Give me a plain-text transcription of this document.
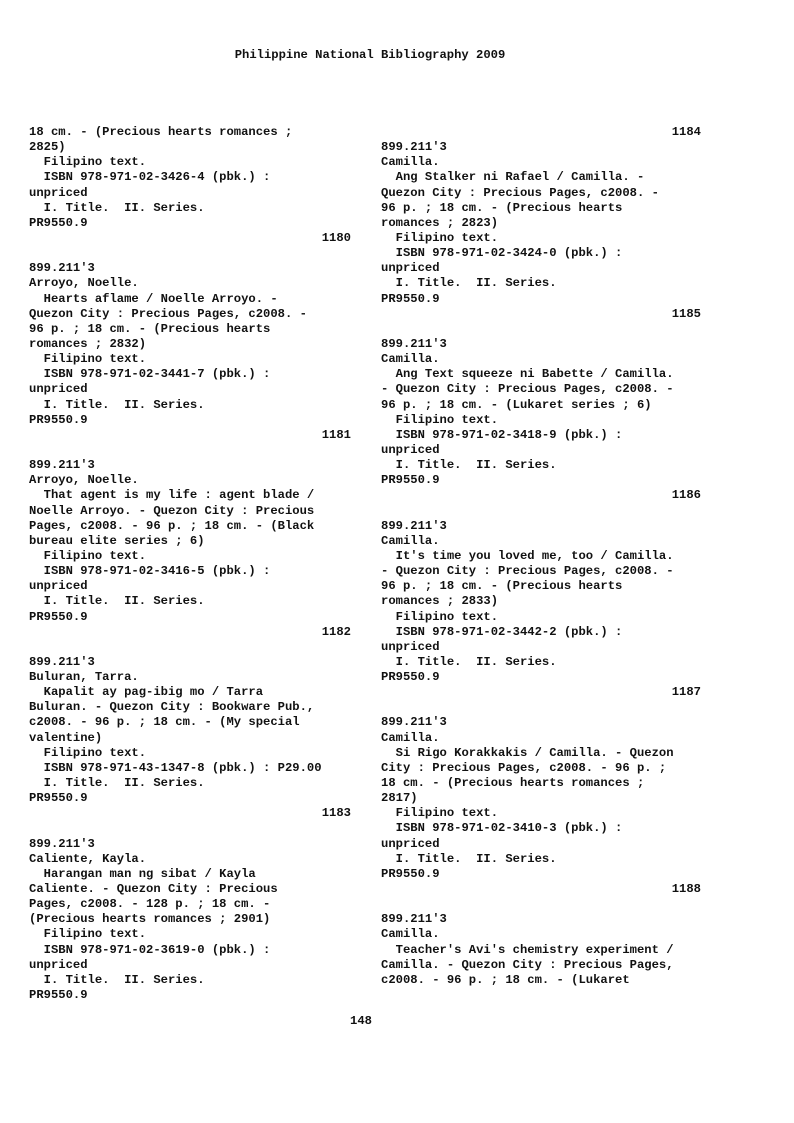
Philippine National Bibliography 2009
18 cm. - (Precious hearts romances ;
2825)
Filipino text.
ISBN 978-971-02-3426-4 (pbk.) :
unpriced
I. Title.  II. Series.
PR9550.9
1180
899.211'3
Arroyo, Noelle.
Hearts aflame / Noelle Arroyo. -
Quezon City : Precious Pages, c2008. -
96 p. ; 18 cm. - (Precious hearts
romances ; 2832)
Filipino text.
ISBN 978-971-02-3441-7 (pbk.) :
unpriced
I. Title.  II. Series.
PR9550.9
1181
899.211'3
Arroyo, Noelle.
That agent is my life : agent blade /
Noelle Arroyo. - Quezon City : Precious
Pages, c2008. - 96 p. ; 18 cm. - (Black
bureau elite series ; 6)
Filipino text.
ISBN 978-971-02-3416-5 (pbk.) :
unpriced
I. Title.  II. Series.
PR9550.9
1182
899.211'3
Buluran, Tarra.
Kapalit ay pag-ibig mo / Tarra
Buluran. - Quezon City : Bookware Pub.,
c2008. - 96 p. ; 18 cm. - (My special
valentine)
Filipino text.
ISBN 978-971-43-1347-8 (pbk.) : P29.00
I. Title.  II. Series.
PR9550.9
1183
899.211'3
Caliente, Kayla.
Harangan man ng sibat / Kayla
Caliente. - Quezon City : Precious
Pages, c2008. - 128 p. ; 18 cm. -
(Precious hearts romances ; 2901)
Filipino text.
ISBN 978-971-02-3619-0 (pbk.) :
unpriced
I. Title.  II. Series.
PR9550.9
1184
899.211'3
Camilla.
Ang Stalker ni Rafael / Camilla. -
Quezon City : Precious Pages, c2008. -
96 p. ; 18 cm. - (Precious hearts
romances ; 2823)
Filipino text.
ISBN 978-971-02-3424-0 (pbk.) :
unpriced
I. Title.  II. Series.
PR9550.9
1185
899.211'3
Camilla.
Ang Text squeeze ni Babette / Camilla.
- Quezon City : Precious Pages, c2008. -
96 p. ; 18 cm. - (Lukaret series ; 6)
Filipino text.
ISBN 978-971-02-3418-9 (pbk.) :
unpriced
I. Title.  II. Series.
PR9550.9
1186
899.211'3
Camilla.
It's time you loved me, too / Camilla.
- Quezon City : Precious Pages, c2008. -
96 p. ; 18 cm. - (Precious hearts
romances ; 2833)
Filipino text.
ISBN 978-971-02-3442-2 (pbk.) :
unpriced
I. Title.  II. Series.
PR9550.9
1187
899.211'3
Camilla.
Si Rigo Korakkakis / Camilla. - Quezon
City : Precious Pages, c2008. - 96 p. ;
18 cm. - (Precious hearts romances ;
2817)
Filipino text.
ISBN 978-971-02-3410-3 (pbk.) :
unpriced
I. Title.  II. Series.
PR9550.9
1188
899.211'3
Camilla.
Teacher's Avi's chemistry experiment /
Camilla. - Quezon City : Precious Pages,
c2008. - 96 p. ; 18 cm. - (Lukaret
148
